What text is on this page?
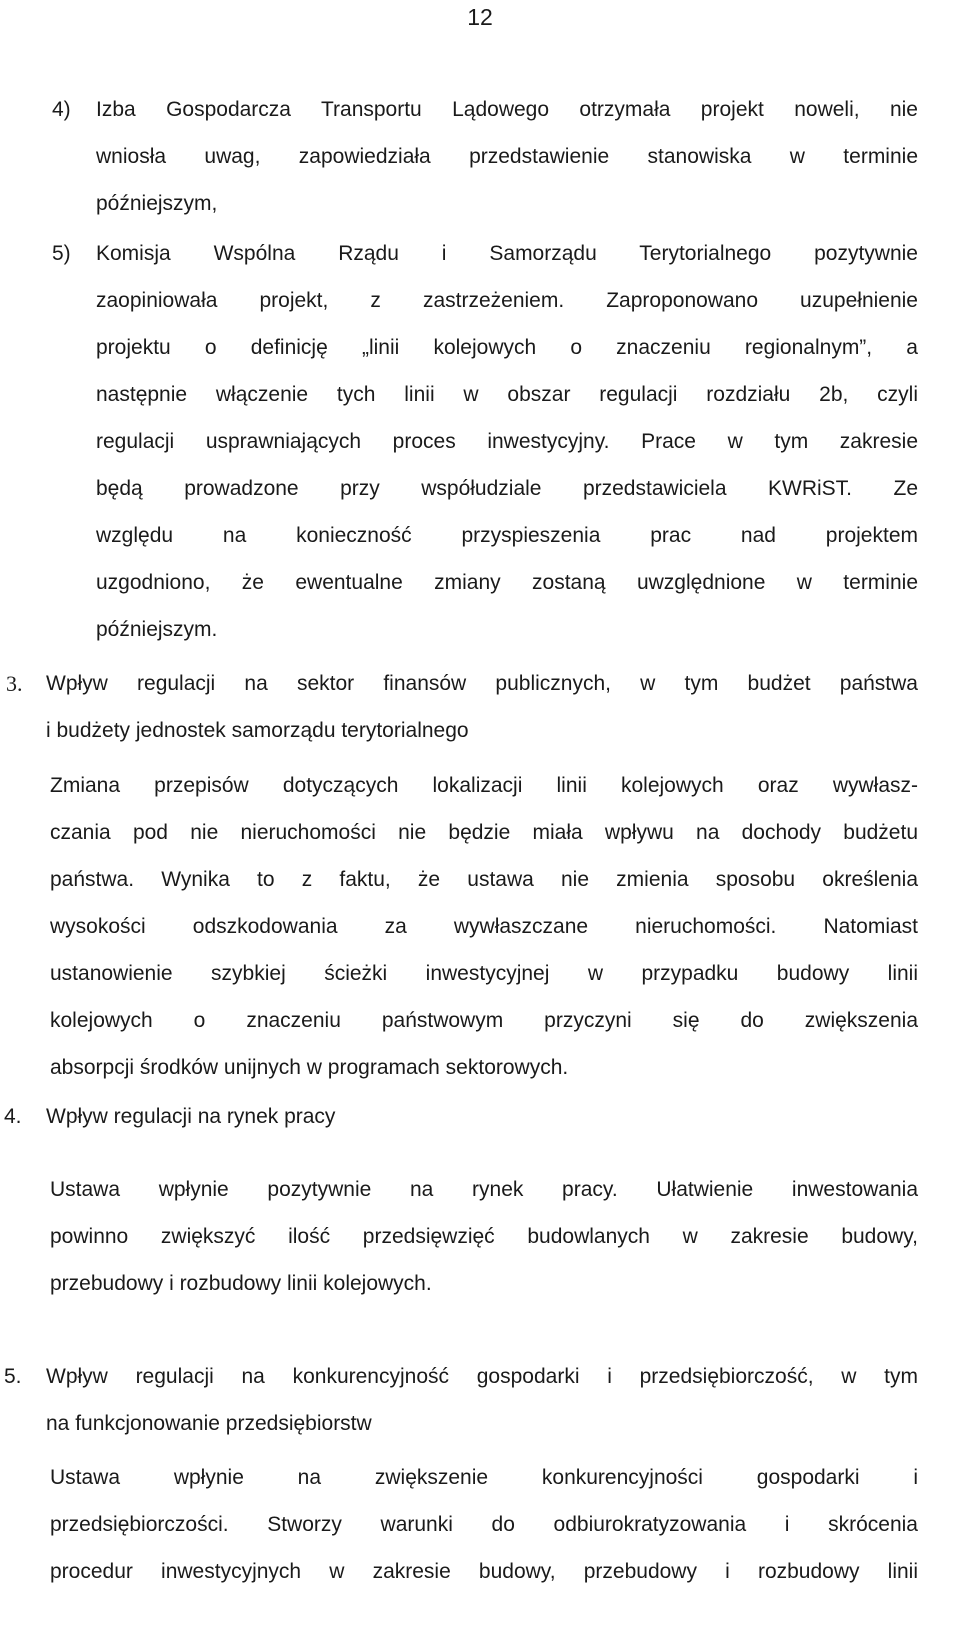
12
4) Izba Gospodarcza Transportu Lądowego otrzymała projekt noweli, nie
wniosła uwag, zapowiedziała przedstawienie stanowiska w terminie
późniejszym,
5) Komisja Wspólna Rządu i Samorządu Terytorialnego pozytywnie
zaopiniowała projekt, z zastrzeżeniem. Zaproponowano uzupełnienie
projektu o definicję „linii kolejowych o znaczeniu regionalnym”, a
następnie włączenie tych linii w obszar regulacji rozdziału 2b, czyli
regulacji usprawniających proces inwestycyjny. Prace w tym zakresie
będą prowadzone przy współudziale przedstawiciela KWRiST. Ze
względu na konieczność przyspieszenia prac nad projektem
uzgodniono, że ewentualne zmiany zostaną uwzględnione w terminie
późniejszym.
3. Wpływ regulacji na sektor finansów publicznych, w tym budżet państwa
i budżety jednostek samorządu terytorialnego
Zmiana przepisów dotyczących lokalizacji linii kolejowych oraz wywłasz-
czania pod nie nieruchomości nie będzie miała wpływu na dochody budżetu
państwa. Wynika to z faktu, że ustawa nie zmienia sposobu określenia
wysokości odszkodowania za wywłaszczane nieruchomości. Natomiast
ustanowienie szybkiej ścieżki inwestycyjnej w przypadku budowy linii
kolejowych o znaczeniu państwowym przyczyni się do zwiększenia
absorpcji środków unijnych w programach sektorowych.
4. Wpływ regulacji na rynek pracy
Ustawa wpłynie pozytywnie na rynek pracy. Ułatwienie inwestowania
powinno zwiększyć ilość przedsięwzięć budowlanych w zakresie budowy,
przebudowy i rozbudowy linii kolejowych.
5. Wpływ regulacji na konkurencyjność gospodarki i przedsiębiorczość, w tym
na funkcjonowanie przedsiębiorstw
Ustawa wpłynie na zwiększenie konkurencyjności gospodarki i
przedsiębiorczości. Stworzy warunki do odbiurokratyzowania i skrócenia
procedur inwestycyjnych w zakresie budowy, przebudowy i rozbudowy linii
